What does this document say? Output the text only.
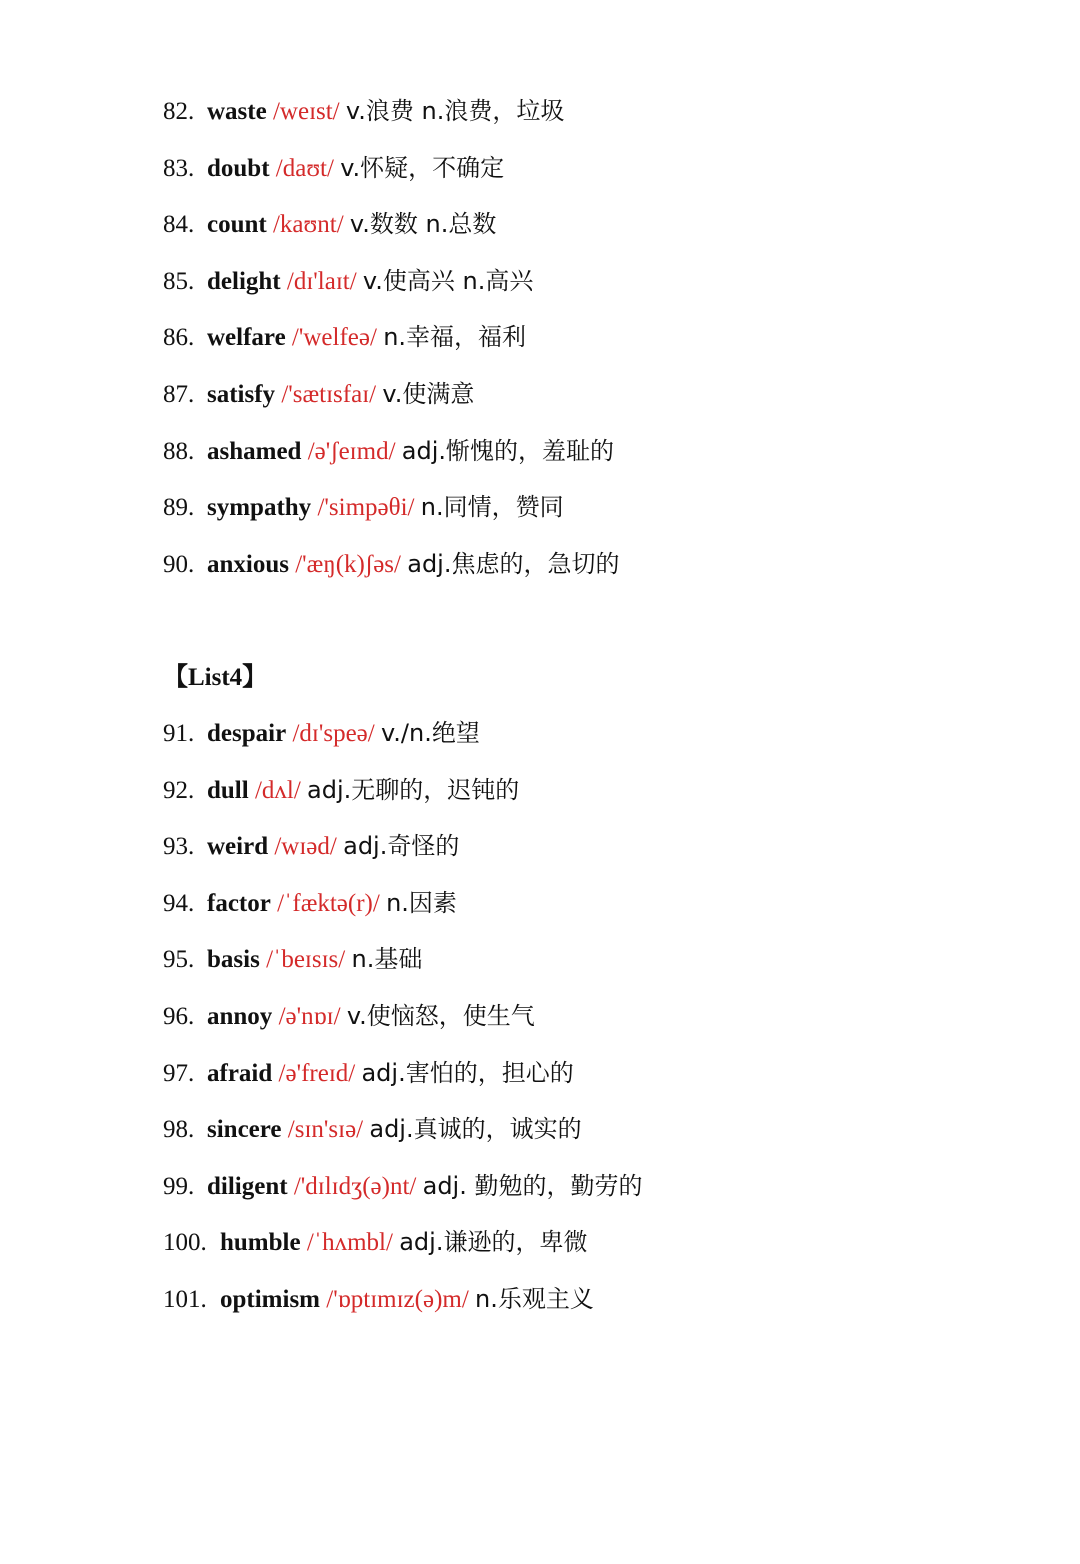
82. waste /weɪst/ v.浪费 n.浪费，垃圾
83. doubt /daʊt/ v.怀疑，不确定
84. count /kaʊnt/ v.数数 n.总数
85. delight /dɪ'laɪt/ v.使高兴 n.高兴
86. welfare /'welfeə/ n.幸福，福利
87. satisfy /'sætɪsfaɪ/ v.使满意
88. ashamed /ə'ʃeɪmd/ adj.惭愧的，羞耻的
89. sympathy /'simpəθi/ n.同情，赞同
90. anxious /'æŋ(k)ʃəs/ adj.焦虑的，急切的
【List4】
91. despair /dɪ'speə/ v./n.绝望
92. dull /dʌl/ adj.无聊的，迟钝的
93. weird /wɪəd/ adj.奇怪的
94. factor /ˈfæktə(r)/ n.因素
95. basis /ˈbeɪsɪs/ n.基础
96. annoy /ə'nɒɪ/ v.使恼怒，使生气
97. afraid /ə'freɪd/ adj.害怕的，担心的
98. sincere /sɪn'sɪə/ adj.真诚的，诚实的
99. diligent /'dɪlɪdʒ(ə)nt/ adj. 勤勉的，勤劳的
100. humble /ˈhʌmbl/ adj.谦逊的，卑微
101. optimism /'ɒptɪmɪz(ə)m/ n.乐观主义
